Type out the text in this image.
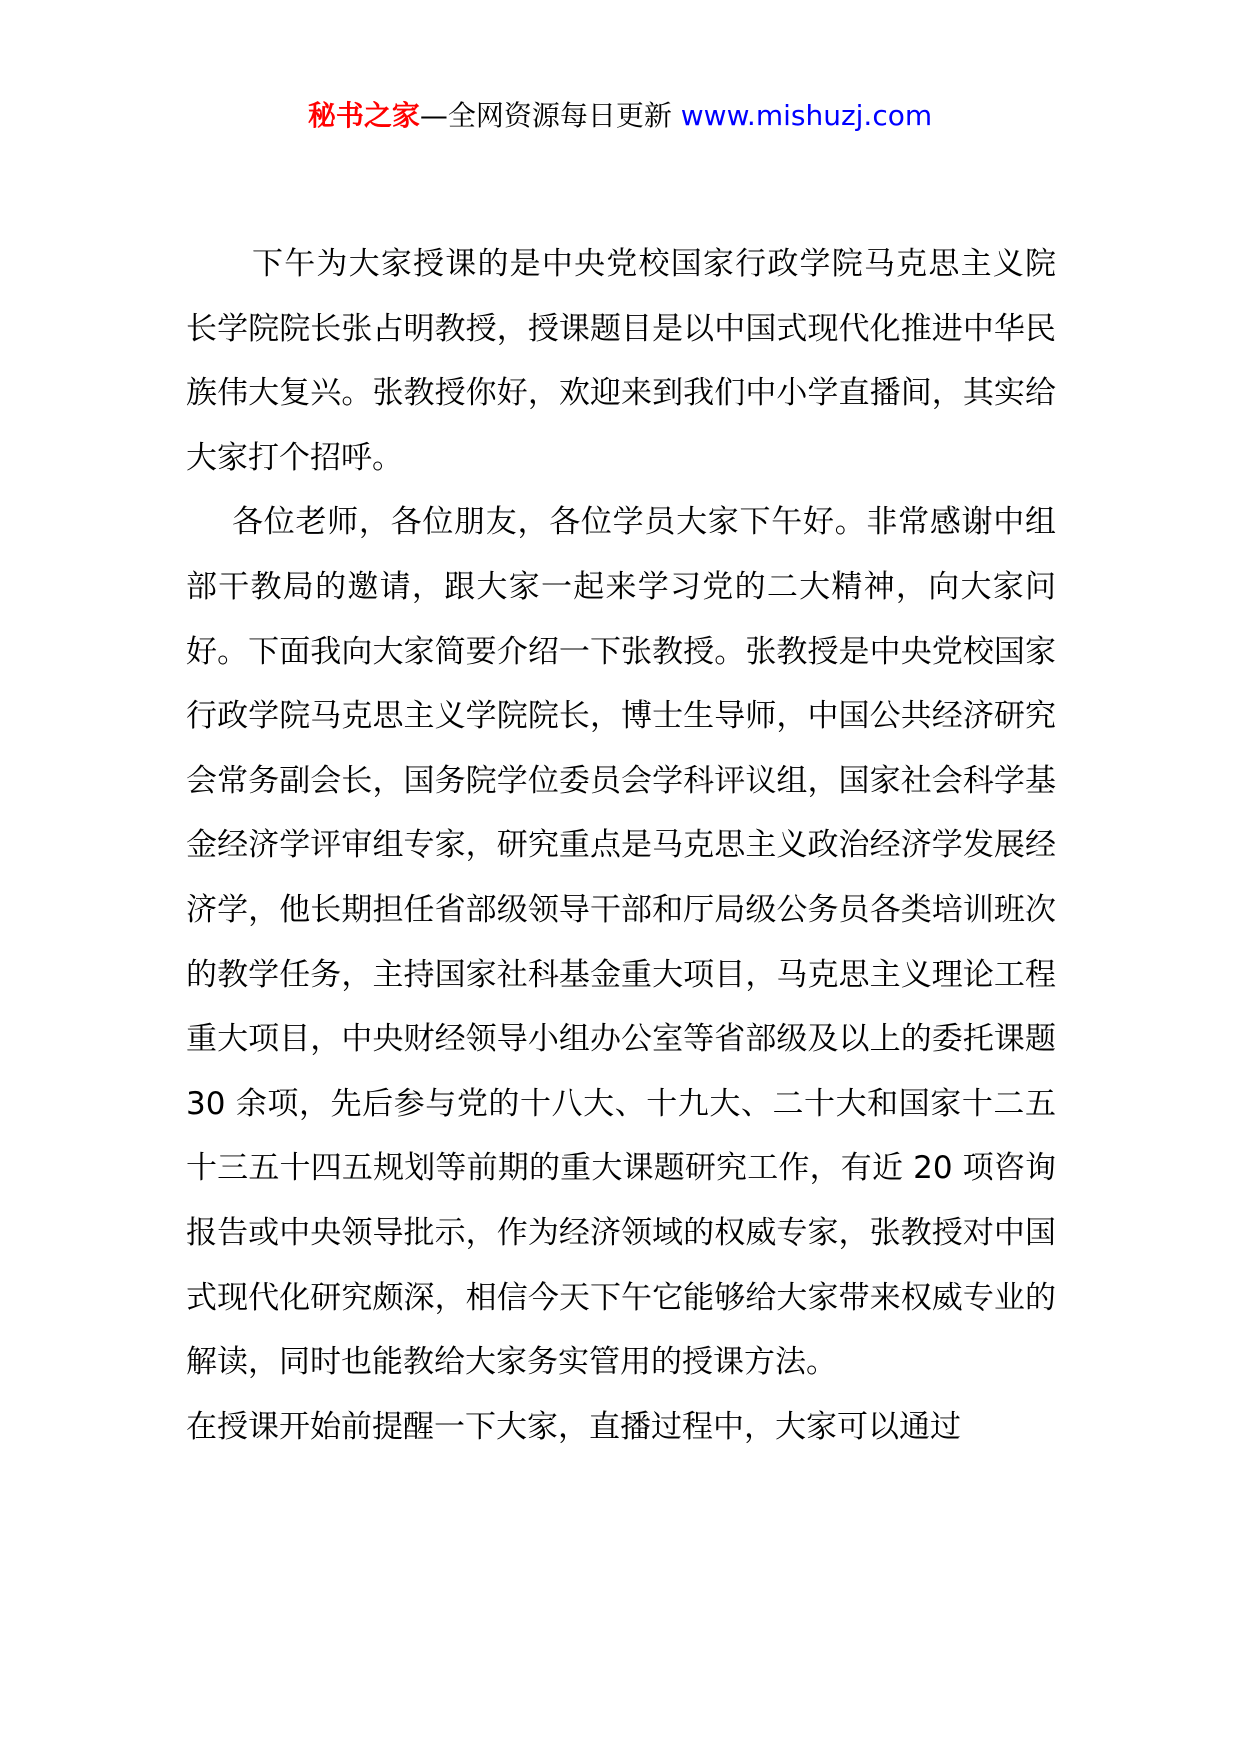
秘书之家—全网资源每日更新 www.mishuzj.com

下午为大家授课的是中央党校国家行政学院马克思主义院长学院院长张占明教授，授课题目是以中国式现代化推进中华民族伟大复兴。张教授你好，欢迎来到我们中小学直播间，其实给大家打个招呼。

各位老师，各位朋友，各位学员大家下午好。非常感谢中组部干教局的邀请，跟大家一起来学习党的二大精神，向大家问好。下面我向大家简要介绍一下张教授。张教授是中央党校国家行政学院马克思主义学院院长，博士生导师，中国公共经济研究会常务副会长，国务院学位委员会学科评议组，国家社会科学基金经济学评审组专家，研究重点是马克思主义政治经济学发展经济学，他长期担任省部级领导干部和厅局级公务员各类培训班次的教学任务，主持国家社科基金重大项目，马克思主义理论工程重大项目，中央财经领导小组办公室等省部级及以上的委托课题 30 余项，先后参与党的十八大、十九大、二十大和国家十二五十三五十四五规划等前期的重大课题研究工作，有近 20 项咨询报告或中央领导批示，作为经济领域的权威专家，张教授对中国式现代化研究颇深，相信今天下午它能够给大家带来权威专业的解读，同时也能教给大家务实管用的授课方法。

在授课开始前提醒一下大家，直播过程中，大家可以通过
